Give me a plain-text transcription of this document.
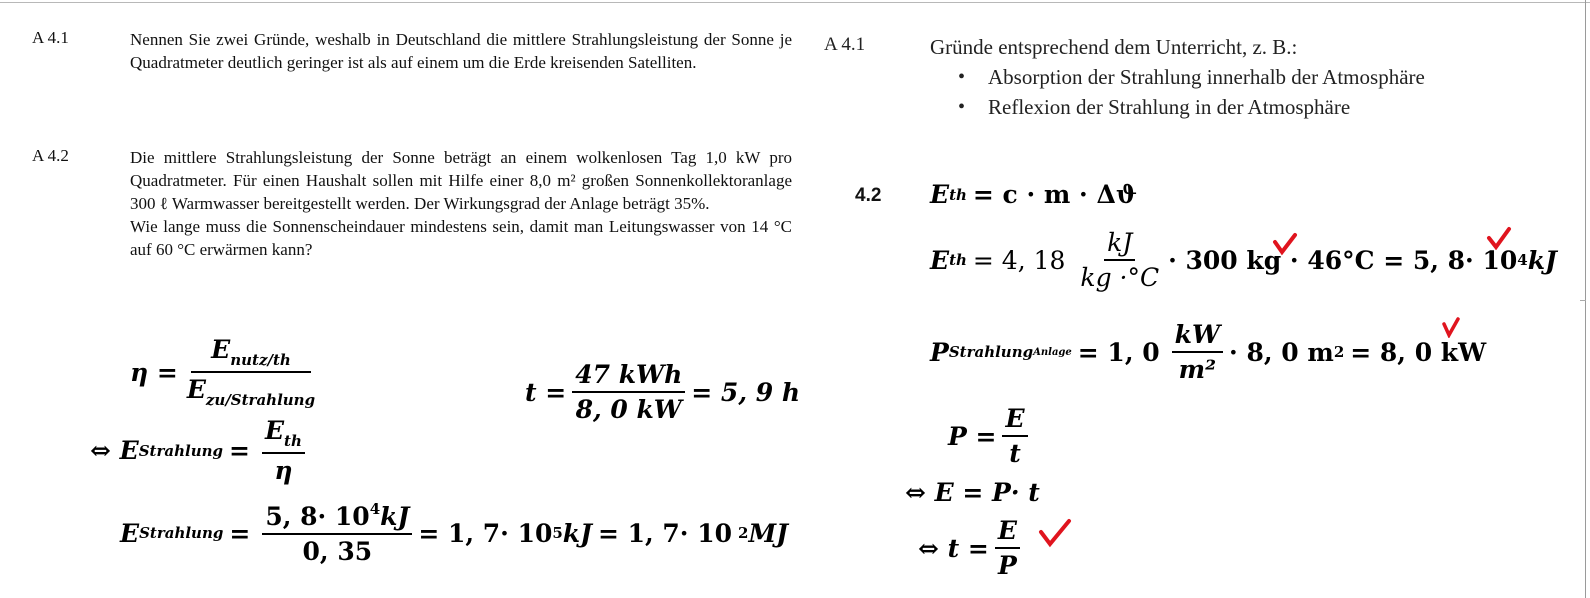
A 4.1	Nennen Sie zwei Gründe, weshalb in Deutschland die mittlere Strahlungsleistung der Sonne je Quadratmeter deutlich geringer ist als auf einem um die Erde kreisenden Satelliten.
A 4.2	Die mittlere Strahlungsleistung der Sonne beträgt an einem wolkenlosen Tag 1,0 kW pro Quadratmeter. Für einen Haushalt sollen mit Hilfe einer 8,0 m² großen Sonnenkollektoranlage 300 ℓ Warmwasser bereitgestellt werden. Der Wirkungsgrad der Anlage beträgt 35%.
Wie lange muss die Sonnenscheindauer mindestens sein, damit man Leitungswasser von 14 °C auf 60 °C erwärmen kann?
A 4.1	Gründe entsprechend dem Unterricht, z. B.:
• Absorption der Strahlung innerhalb der Atmosphäre
• Reflexion der Strahlung in der Atmosphäre
4.2 E th = c · m · Δϑ
E th = 4, $18 \frac{kJ}{kg \cdot^\circ C} \cdot 300$ kg · 46°C = 5, 8· 10 4 kJ
P Strahlung Anlage = 1, $0 \frac{kW}{\text{m²}} \cdot 8$, 0 m 2 = 8, 0 kW
$P = \frac{E}{t}$
⇔ E = P· t
⇔ $t = \frac{E}{P}$
$\eta = \frac{E_{nutz/th}}{E_{zu/Strahlung}}$
⇔ E Strahlung = $\frac{E_{th}}{\eta}$
$t = \frac{\text{47 kWh}}{8, 0 kW} = 5$, 9 h
E Strahlung = $\frac{5, 8\cdot 10^4kJ}{0, 35} = 1$, 7· 10 5 kJ = 1, 7· 10 2 MJ
